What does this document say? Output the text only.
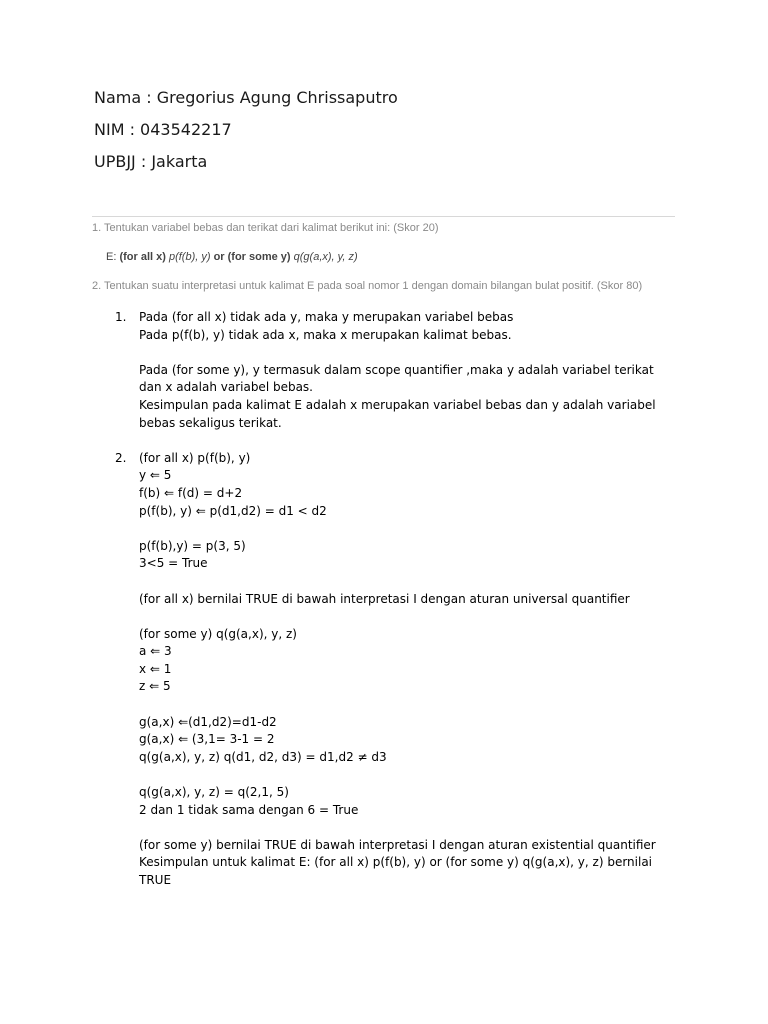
Nama : Gregorius Agung Chrissaputro
NIM : 043542217
UPBJJ : Jakarta
1. Tentukan variabel bebas dan terikat dari kalimat berikut ini: (Skor 20)
E: (for all x) p(f(b), y) or (for some y) q(g(a,x), y, z)
2. Tentukan suatu interpretasi untuk kalimat E pada soal nomor 1 dengan domain bilangan bulat positif. (Skor 80)
1.	Pada (for all x) tidak ada y, maka y merupakan variabel bebas
Pada p(f(b), y) tidak ada x, maka x merupakan kalimat bebas.
Pada (for some y), y termasuk dalam scope quantifier ,maka y adalah variabel terikat dan x adalah variabel bebas.
Kesimpulan pada kalimat E adalah x merupakan variabel bebas dan y adalah variabel bebas sekaligus terikat.
2.	(for all x) p(f(b), y)
y ⇐ 5
f(b) ⇐ f(d) = d+2
p(f(b), y) ⇐ p(d1,d2) = d1 < d2
p(f(b),y) = p(3, 5)
3<5 = True
(for all x) bernilai TRUE di bawah interpretasi I dengan aturan universal quantifier
(for some y) q(g(a,x), y, z)
a ⇐ 3
x ⇐ 1
z ⇐ 5
g(a,x) ⇐(d1,d2)=d1-d2
g(a,x) ⇐ (3,1= 3-1 = 2
q(g(a,x), y, z) q(d1, d2, d3) = d1,d2 ≠ d3
q(g(a,x), y, z) = q(2,1, 5)
2 dan 1 tidak sama dengan 6 = True
(for some y) bernilai TRUE di bawah interpretasi I dengan aturan existential quantifier
Kesimpulan untuk kalimat E: (for all x) p(f(b), y) or (for some y) q(g(a,x), y, z) bernilai TRUE
